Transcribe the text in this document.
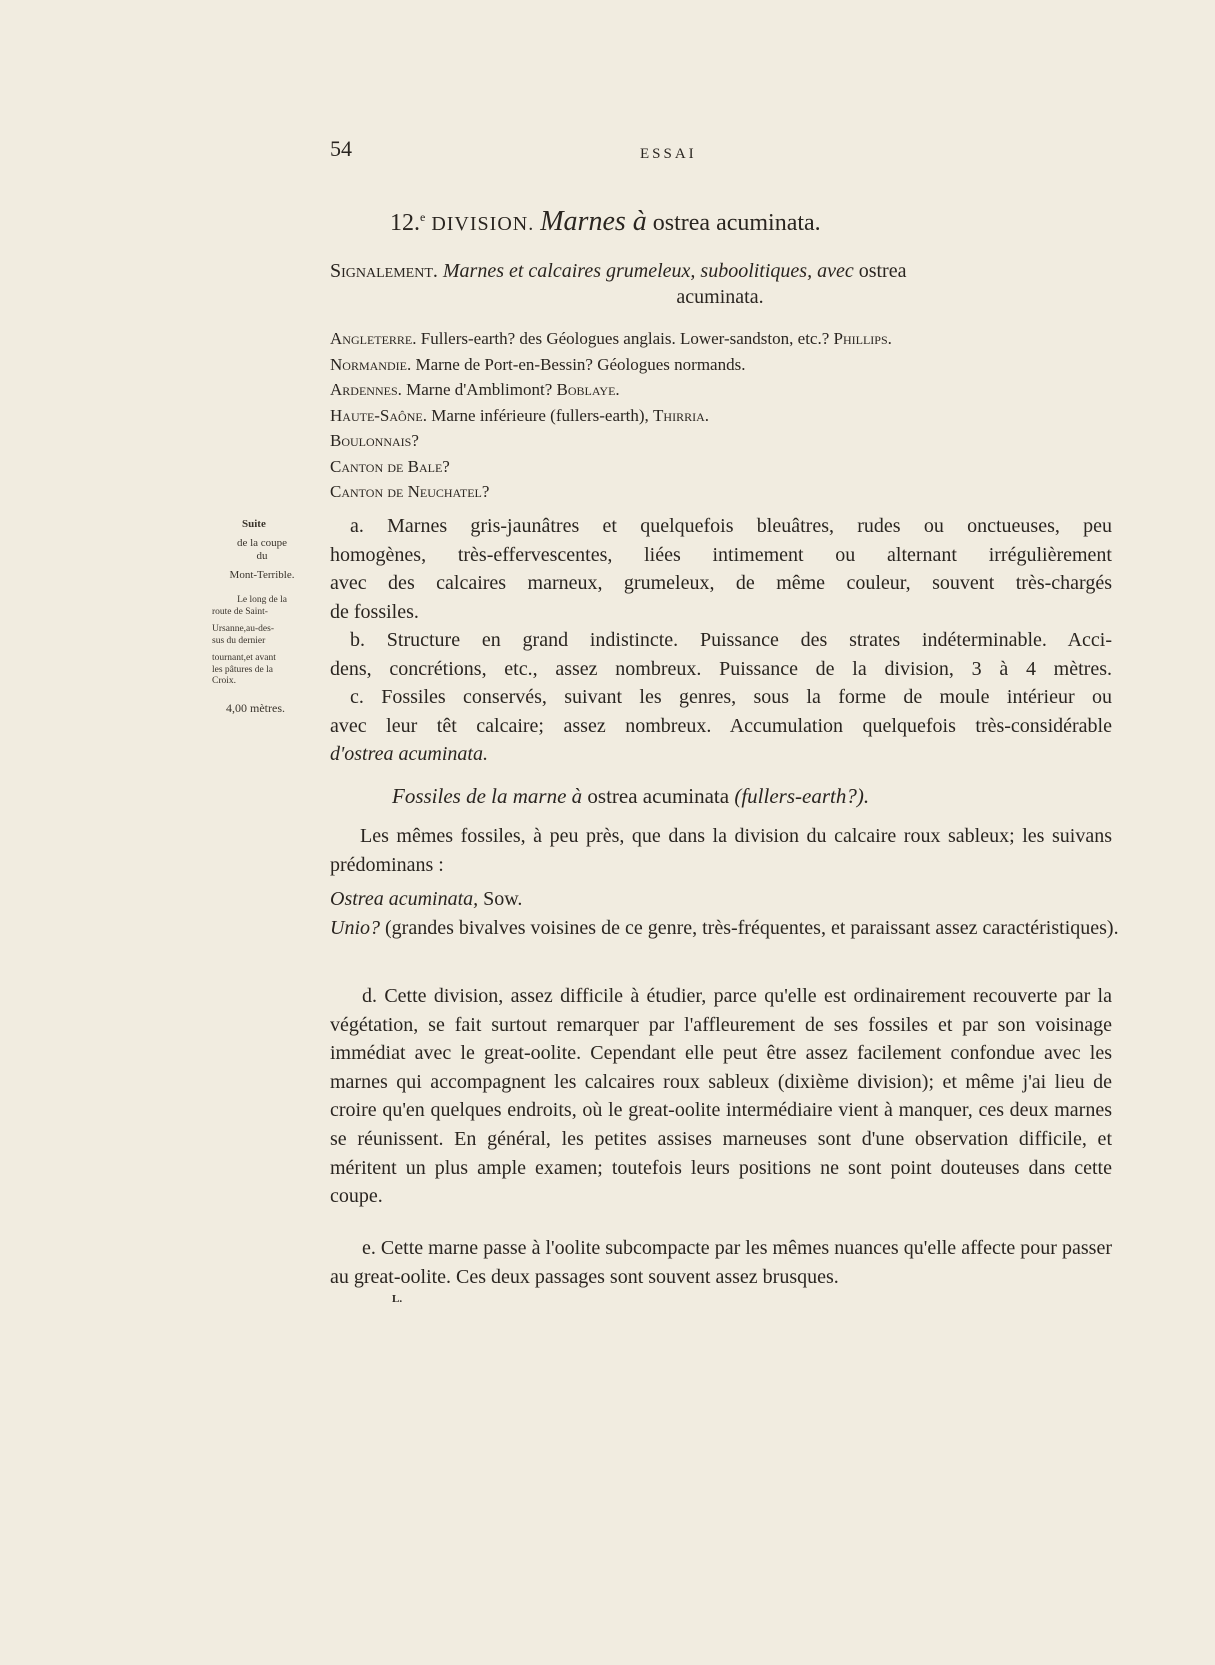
54	ESSAI
12.$^e$ DIVISION. Marnes à ostrea acuminata.
Signalement. Marnes et calcaires grumeleux, suboolitiques, avec ostrea
acuminata.
Angleterre. Fullers-earth? des Géologues anglais. Lower-sandston, etc.? Phillips.
Normandie. Marne de Port-en-Bessin? Géologues normands.
Ardennes. Marne d'Amblimont? Boblaye.
Haute-Saône. Marne inférieure (fullers-earth), Thirria.
Boulonnais?
Canton de Bale?
Canton de Neuchatel?
Suite
de la coupe
du
Mont-Terrible.
Le long de la
route de Saint-
Ursanne,au-des-
sus du dernier
tournant,et avant
les pâtures de la
Croix.
4,00 mètres.
a. Marnes gris-jaunâtres et quelquefois bleuâtres, rudes ou onctueuses, peu
homogènes, très-effervescentes, liées intimement ou alternant irrégulièrement
avec des calcaires marneux, grumeleux, de même couleur, souvent très-chargés
de fossiles.
b. Structure en grand indistincte. Puissance des strates indéterminable. Acci-
dens, concrétions, etc., assez nombreux. Puissance de la division, 3 à 4 mètres.
c. Fossiles conservés, suivant les genres, sous la forme de moule intérieur ou
avec leur têt calcaire; assez nombreux. Accumulation quelquefois très-considérable
d'ostrea acuminata.
Fossiles de la marne à ostrea acuminata (fullers-earth?).
Les mêmes fossiles, à peu près, que dans la division du calcaire roux sableux; les suivans prédominans :
Ostrea acuminata, Sow.
Unio? (grandes bivalves voisines de ce genre, très-fréquentes, et paraissant assez caractéristiques).
d. Cette division, assez difficile à étudier, parce qu'elle est ordinairement recouverte par la végétation, se fait surtout remarquer par l'affleurement de ses fossiles et par son voisinage immédiat avec le great-oolite. Cependant elle peut être assez facilement confondue avec les marnes qui accompagnent les calcaires roux sableux (dixième division); et même j'ai lieu de croire qu'en quelques endroits, où le great-oolite intermédiaire vient à manquer, ces deux marnes se réunissent. En général, les petites assises marneuses sont d'une observation difficile, et méritent un plus ample examen; toutefois leurs positions ne sont point douteuses dans cette coupe.
e. Cette marne passe à l'oolite subcompacte par les mêmes nuances qu'elle affecte pour passer au great-oolite. Ces deux passages sont souvent assez brusques.
L.
